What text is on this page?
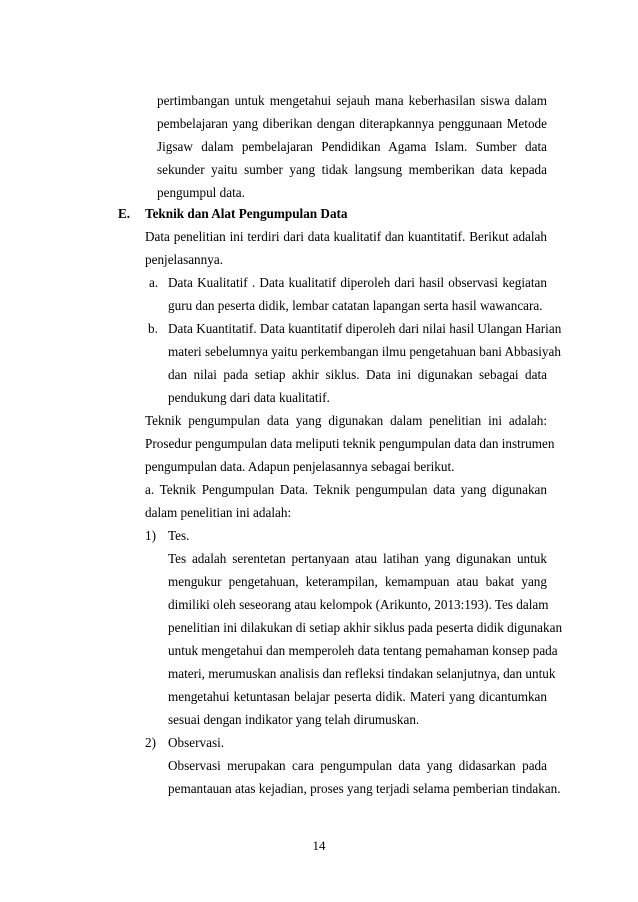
pertimbangan untuk mengetahui sejauh mana keberhasilan siswa dalam
pembelajaran yang diberikan dengan diterapkannya penggunaan Metode
Jigsaw dalam pembelajaran Pendidikan Agama Islam. Sumber data
sekunder yaitu sumber yang tidak langsung memberikan data kepada
pengumpul data.
E. Teknik dan Alat Pengumpulan Data
Data penelitian ini terdiri dari data kualitatif dan kuantitatif. Berikut adalah
penjelasannya.
a. Data Kualitatif . Data kualitatif diperoleh dari hasil observasi kegiatan
guru dan peserta didik, lembar catatan lapangan serta hasil wawancara.
b. Data Kuantitatif. Data kuantitatif diperoleh dari nilai hasil Ulangan Harian
materi sebelumnya yaitu perkembangan ilmu pengetahuan bani Abbasiyah
dan nilai pada setiap akhir siklus. Data ini digunakan sebagai data
pendukung dari data kualitatif.
Teknik pengumpulan data yang digunakan dalam penelitian ini adalah:
Prosedur pengumpulan data meliputi teknik pengumpulan data dan instrumen
pengumpulan data. Adapun penjelasannya sebagai berikut.
a. Teknik Pengumpulan Data. Teknik pengumpulan data yang digunakan
dalam penelitian ini adalah:
1) Tes.
Tes adalah serentetan pertanyaan atau latihan yang digunakan untuk
mengukur pengetahuan, keterampilan, kemampuan atau bakat yang
dimiliki oleh seseorang atau kelompok (Arikunto, 2013:193). Tes dalam
penelitian ini dilakukan di setiap akhir siklus pada peserta didik digunakan
untuk mengetahui dan memperoleh data tentang pemahaman konsep pada
materi, merumuskan analisis dan refleksi tindakan selanjutnya, dan untuk
mengetahui ketuntasan belajar peserta didik. Materi yang dicantumkan
sesuai dengan indikator yang telah dirumuskan.
2) Observasi.
Observasi merupakan cara pengumpulan data yang didasarkan pada
pemantauan atas kejadian, proses yang terjadi selama pemberian tindakan.
14
